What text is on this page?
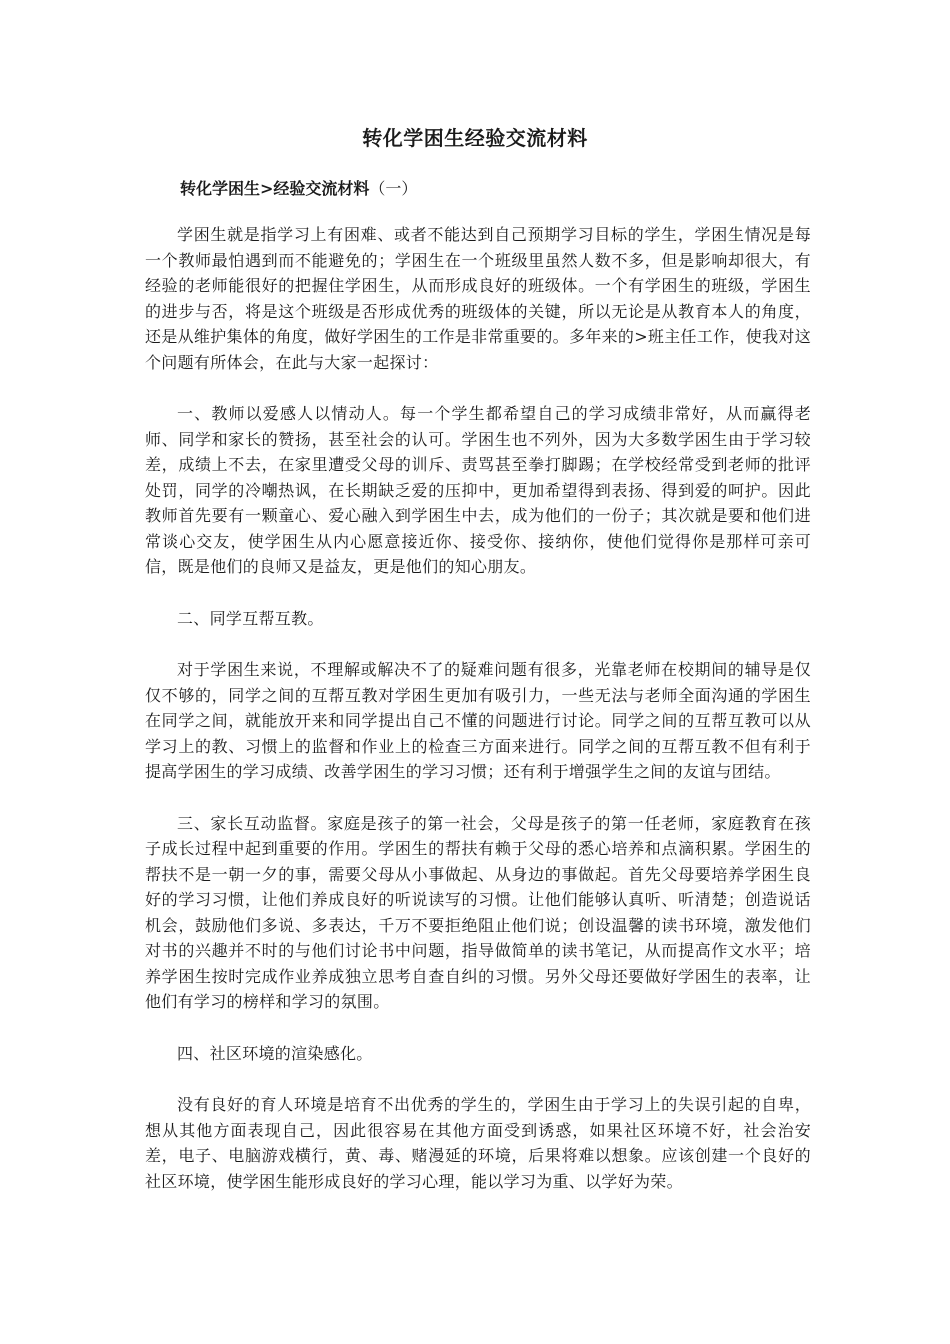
转化学困生经验交流材料

转化学困生>经验交流材料（一）

学困生就是指学习上有困难、或者不能达到自己预期学习目标的学生，学困生情况是每一个教师最怕遇到而不能避免的；学困生在一个班级里虽然人数不多，但是影响却很大，有经验的老师能很好的把握住学困生，从而形成良好的班级体。一个有学困生的班级，学困生的进步与否，将是这个班级是否形成优秀的班级体的关键，所以无论是从教育本人的角度，还是从维护集体的角度，做好学困生的工作是非常重要的。多年来的>班主任工作，使我对这个问题有所体会，在此与大家一起探讨：

一、教师以爱感人以情动人。每一个学生都希望自己的学习成绩非常好，从而赢得老师、同学和家长的赞扬，甚至社会的认可。学困生也不列外，因为大多数学困生由于学习较差，成绩上不去，在家里遭受父母的训斥、责骂甚至拳打脚踢；在学校经常受到老师的批评处罚，同学的冷嘲热讽，在长期缺乏爱的压抑中，更加希望得到表扬、得到爱的呵护。因此教师首先要有一颗童心、爱心融入到学困生中去，成为他们的一份子；其次就是要和他们进常谈心交友，使学困生从内心愿意接近你、接受你、接纳你，使他们觉得你是那样可亲可信，既是他们的良师又是益友，更是他们的知心朋友。

二、同学互帮互教。

对于学困生来说，不理解或解决不了的疑难问题有很多，光靠老师在校期间的辅导是仅仅不够的，同学之间的互帮互教对学困生更加有吸引力，一些无法与老师全面沟通的学困生在同学之间，就能放开来和同学提出自己不懂的问题进行讨论。同学之间的互帮互教可以从学习上的教、习惯上的监督和作业上的检查三方面来进行。同学之间的互帮互教不但有利于提高学困生的学习成绩、改善学困生的学习习惯；还有利于增强学生之间的友谊与团结。

三、家长互动监督。家庭是孩子的第一社会，父母是孩子的第一任老师，家庭教育在孩子成长过程中起到重要的作用。学困生的帮扶有赖于父母的悉心培养和点滴积累。学困生的帮扶不是一朝一夕的事，需要父母从小事做起、从身边的事做起。首先父母要培养学困生良好的学习习惯，让他们养成良好的听说读写的习惯。让他们能够认真听、听清楚；创造说话机会，鼓励他们多说、多表达，千万不要拒绝阻止他们说；创设温馨的读书环境，激发他们对书的兴趣并不时的与他们讨论书中问题，指导做简单的读书笔记，从而提高作文水平；培养学困生按时完成作业养成独立思考自查自纠的习惯。另外父母还要做好学困生的表率，让他们有学习的榜样和学习的氛围。

四、社区环境的渲染感化。

没有良好的育人环境是培育不出优秀的学生的，学困生由于学习上的失误引起的自卑，想从其他方面表现自己，因此很容易在其他方面受到诱惑，如果社区环境不好，社会治安差，电子、电脑游戏横行，黄、毒、赌漫延的环境，后果将难以想象。应该创建一个良好的社区环境，使学困生能形成良好的学习心理，能以学习为重、以学好为荣。
